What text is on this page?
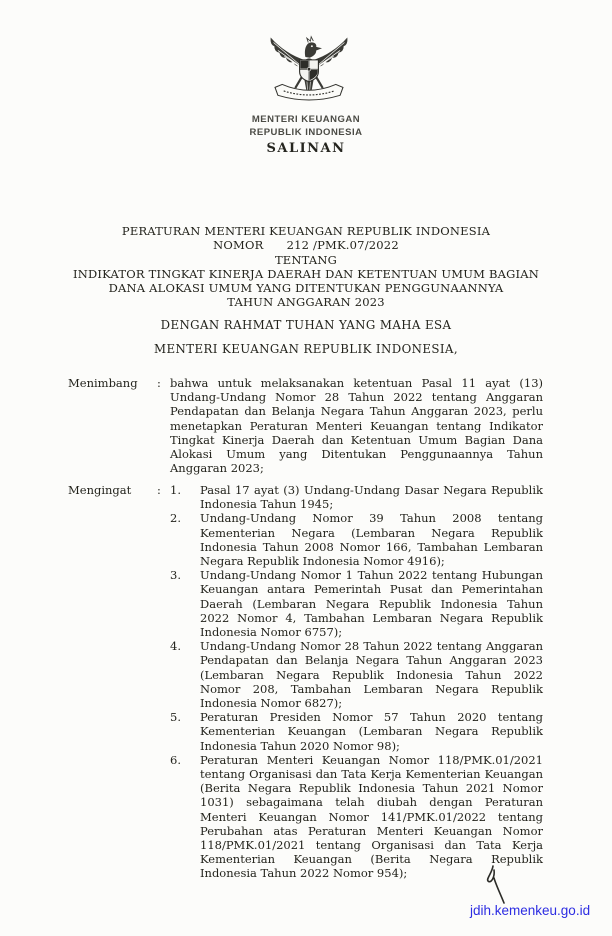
MENTERI KEUANGAN
REPUBLIK INDONESIA
SALINAN
PERATURAN MENTERI KEUANGAN REPUBLIK INDONESIA
NOMOR      212 /PMK.07/2022
TENTANG
INDIKATOR TINGKAT KINERJA DAERAH DAN KETENTUAN UMUM BAGIAN
DANA ALOKASI UMUM YANG DITENTUKAN PENGGUNAANNYA
TAHUN ANGGARAN 2023
DENGAN RAHMAT TUHAN YANG MAHA ESA
MENTERI KEUANGAN REPUBLIK INDONESIA,
Menimbang : bahwa untuk melaksanakan ketentuan Pasal 11 ayat (13) Undang-Undang Nomor 28 Tahun 2022 tentang Anggaran Pendapatan dan Belanja Negara Tahun Anggaran 2023, perlu menetapkan Peraturan Menteri Keuangan tentang Indikator Tingkat Kinerja Daerah dan Ketentuan Umum Bagian Dana Alokasi Umum yang Ditentukan Penggunaannya Tahun Anggaran 2023;
Mengingat : 1.	Pasal 17 ayat (3) Undang-Undang Dasar Negara Republik Indonesia Tahun 1945;
2.	Undang-Undang Nomor 39 Tahun 2008 tentang Kementerian Negara (Lembaran Negara Republik Indonesia Tahun 2008 Nomor 166, Tambahan Lembaran Negara Republik Indonesia Nomor 4916);
3.	Undang-Undang Nomor 1 Tahun 2022 tentang Hubungan Keuangan antara Pemerintah Pusat dan Pemerintahan Daerah (Lembaran Negara Republik Indonesia Tahun 2022 Nomor 4, Tambahan Lembaran Negara Republik Indonesia Nomor 6757);
4.	Undang-Undang Nomor 28 Tahun 2022 tentang Anggaran Pendapatan dan Belanja Negara Tahun Anggaran 2023 (Lembaran Negara Republik Indonesia Tahun 2022 Nomor 208, Tambahan Lembaran Negara Republik Indonesia Nomor 6827);
5.	Peraturan Presiden Nomor 57 Tahun 2020 tentang Kementerian Keuangan (Lembaran Negara Republik Indonesia Tahun 2020 Nomor 98);
6.	Peraturan Menteri Keuangan Nomor 118/PMK.01/2021 tentang Organisasi dan Tata Kerja Kementerian Keuangan (Berita Negara Republik Indonesia Tahun 2021 Nomor 1031) sebagaimana telah diubah dengan Peraturan Menteri Keuangan Nomor 141/PMK.01/2022 tentang Perubahan atas Peraturan Menteri Keuangan Nomor 118/PMK.01/2021 tentang Organisasi dan Tata Kerja Kementerian Keuangan (Berita Negara Republik Indonesia Tahun 2022 Nomor 954);
jdih.kemenkeu.go.id
